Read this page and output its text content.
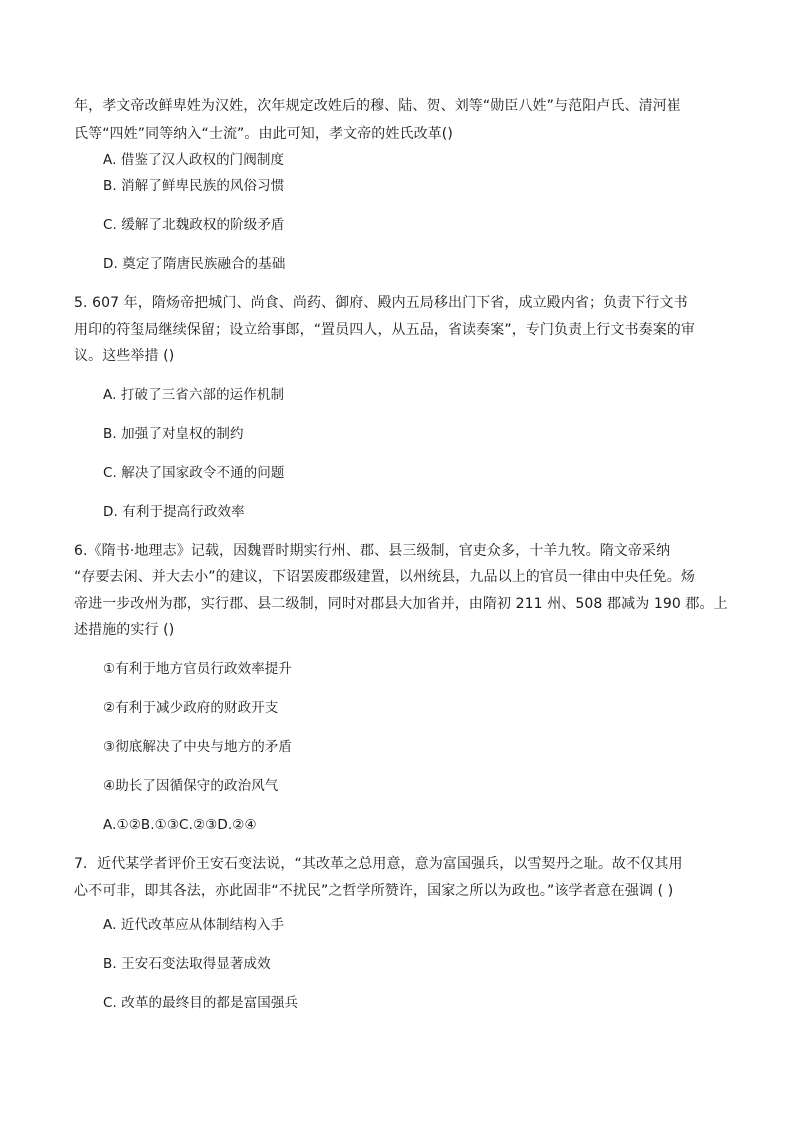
年，孝文帝改鲜卑姓为汉姓，次年规定改姓后的穆、陆、贺、刘等“勋臣八姓”与范阳卢氏、清河崔

氏等“四姓”同等纳入“士流”。由此可知，孝文帝的姓氏改革()

A. 借鉴了汉人政权的门阀制度

B. 消解了鲜卑民族的风俗习惯

C. 缓解了北魏政权的阶级矛盾

D. 奠定了隋唐民族融合的基础

5. 607 年，隋炀帝把城门、尚食、尚药、御府、殿内五局移出门下省，成立殿内省；负责下行文书

用印的符玺局继续保留；设立给事郎，“置员四人，从五品，省读奏案”，专门负责上行文书奏案的审

议。这些举措 ()

A. 打破了三省六部的运作机制

B. 加强了对皇权的制约

C. 解决了国家政令不通的问题

D. 有利于提高行政效率

6.《隋书·地理志》记载，因魏晋时期实行州、郡、县三级制，官吏众多，十羊九牧。隋文帝采纳

“存要去闲、并大去小”的建议，下诏罢废郡级建置，以州统县，九品以上的官员一律由中央任免。炀

帝进一步改州为郡，实行郡、县二级制，同时对郡县大加省并，由隋初 211 州、508 郡减为 190 郡。上

述措施的实行 ()

①有利于地方官员行政效率提升

②有利于减少政府的财政开支

③彻底解决了中央与地方的矛盾

④助长了因循保守的政治风气

A.①②B.①③C.②③D.②④

7．近代某学者评价王安石变法说，“其改革之总用意，意为富国强兵，以雪契丹之耻。故不仅其用

心不可非，即其各法，亦此固非“不扰民”之哲学所赞许，国家之所以为政也。”该学者意在强调 ( )

A. 近代改革应从体制结构入手

B. 王安石变法取得显著成效

C. 改革的最终目的都是富国强兵
